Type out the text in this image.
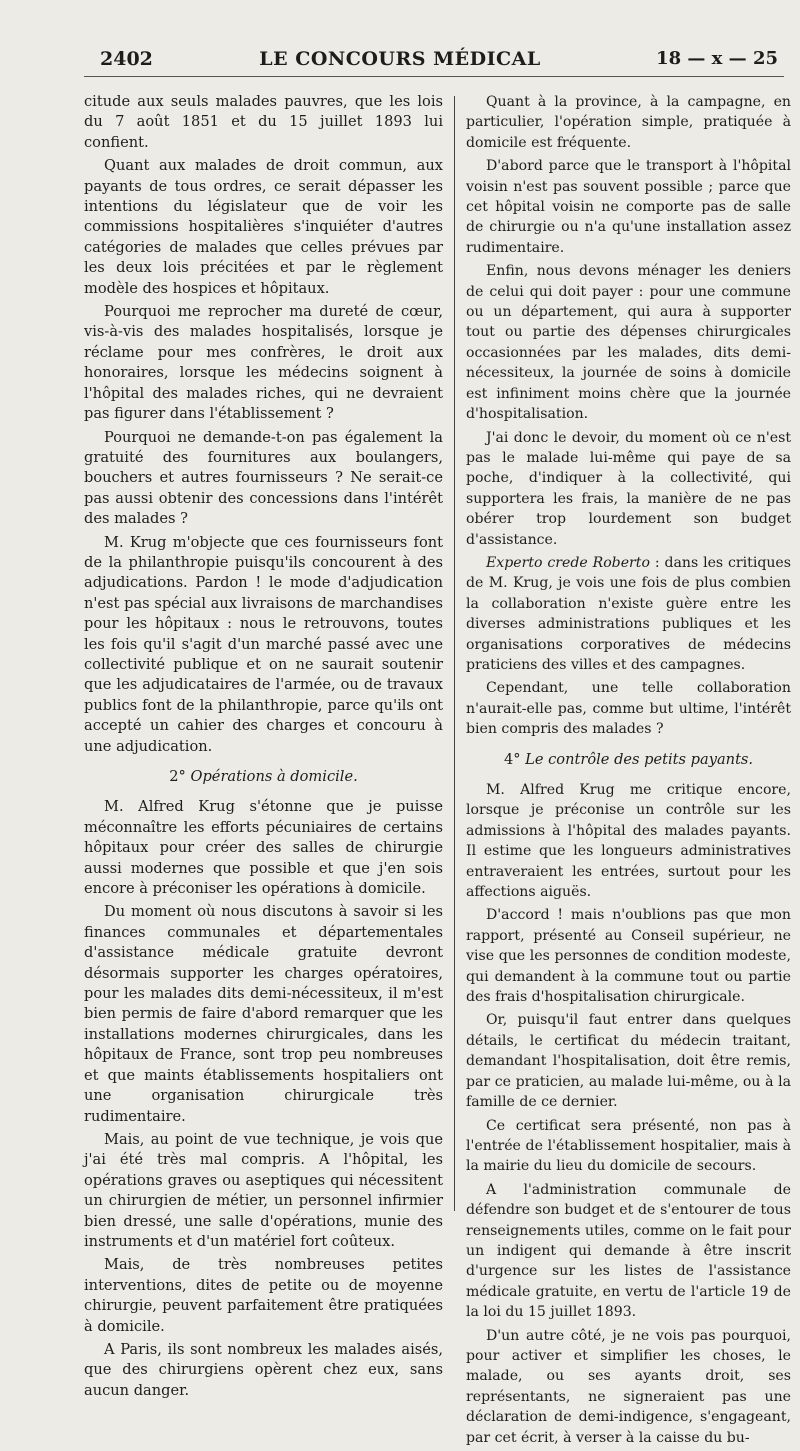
2402	LE CONCOURS MÉDICAL	18 — x — 25

citude aux seuls malades pauvres, que les lois du 7 août 1851 et du 15 juillet 1893 lui confient.

Quant aux malades de droit commun, aux payants de tous ordres, ce serait dépasser les intentions du législateur que de voir les commissions hospitalières s'inquiéter d'autres catégories de malades que celles prévues par les deux lois précitées et par le règlement modèle des hospices et hôpitaux.

Pourquoi me reprocher ma dureté de cœur, vis-à-vis des malades hospitalisés, lorsque je réclame pour mes confrères, le droit aux honoraires, lorsque les médecins soignent à l'hôpital des malades riches, qui ne devraient pas figurer dans l'établissement ?

Pourquoi ne demande-t-on pas également la gratuité des fournitures aux boulangers, bouchers et autres fournisseurs ? Ne serait-ce pas aussi obtenir des concessions dans l'intérêt des malades ?

M. Krug m'objecte que ces fournisseurs font de la philanthropie puisqu'ils concourent à des adjudications. Pardon ! le mode d'adjudication n'est pas spécial aux livraisons de marchandises pour les hôpitaux : nous le retrouvons, toutes les fois qu'il s'agit d'un marché passé avec une collectivité publique et on ne saurait soutenir que les adjudicataires de l'armée, ou de travaux publics font de la philanthropie, parce qu'ils ont accepté un cahier des charges et concouru à une adjudication.

2° Opérations à domicile.

M. Alfred Krug s'étonne que je puisse méconnaître les efforts pécuniaires de certains hôpitaux pour créer des salles de chirurgie aussi modernes que possible et que j'en sois encore à préconiser les opérations à domicile.

Du moment où nous discutons à savoir si les finances communales et départementales d'assistance médicale gratuite devront désormais supporter les charges opératoires, pour les malades dits demi-nécessiteux, il m'est bien permis de faire d'abord remarquer que les installations modernes chirurgicales, dans les hôpitaux de France, sont trop peu nombreuses et que maints établissements hospitaliers ont une organisation chirurgicale très rudimentaire.

Mais, au point de vue technique, je vois que j'ai été très mal compris. A l'hôpital, les opérations graves ou aseptiques qui nécessitent un chirurgien de métier, un personnel infirmier bien dressé, une salle d'opérations, munie des instruments et d'un matériel fort coûteux.

Mais, de très nombreuses petites interventions, dites de petite ou de moyenne chirurgie, peuvent parfaitement être pratiquées à domicile.

A Paris, ils sont nombreux les malades aisés, que des chirurgiens opèrent chez eux, sans aucun danger.

Quant à la province, à la campagne, en particulier, l'opération simple, pratiquée à domicile est fréquente.

D'abord parce que le transport à l'hôpital voisin n'est pas souvent possible ; parce que cet hôpital voisin ne comporte pas de salle de chirurgie ou n'a qu'une installation assez rudimentaire.

Enfin, nous devons ménager les deniers de celui qui doit payer : pour une commune ou un département, qui aura à supporter tout ou partie des dépenses chirurgicales occasionnées par les malades, dits demi-nécessiteux, la journée de soins à domicile est infiniment moins chère que la journée d'hospitalisation.

J'ai donc le devoir, du moment où ce n'est pas le malade lui-même qui paye de sa poche, d'indiquer à la collectivité, qui supportera les frais, la manière de ne pas obérer trop lourdement son budget d'assistance.

Experto crede Roberto : dans les critiques de M. Krug, je vois une fois de plus combien la collaboration n'existe guère entre les diverses administrations publiques et les organisations corporatives de médecins praticiens des villes et des campagnes.

Cependant, une telle collaboration n'aurait-elle pas, comme but ultime, l'intérêt bien compris des malades ?

4° Le contrôle des petits payants.

M. Alfred Krug me critique encore, lorsque je préconise un contrôle sur les admissions à l'hôpital des malades payants. Il estime que les longueurs administratives entraveraient les entrées, surtout pour les affections aiguës.

D'accord ! mais n'oublions pas que mon rapport, présenté au Conseil supérieur, ne vise que les personnes de condition modeste, qui demandent à la commune tout ou partie des frais d'hospitalisation chirurgicale.

Or, puisqu'il faut entrer dans quelques détails, le certificat du médecin traitant, demandant l'hospitalisation, doit être remis, par ce praticien, au malade lui-même, ou à la famille de ce dernier.

Ce certificat sera présenté, non pas à l'entrée de l'établissement hospitalier, mais à la mairie du lieu du domicile de secours.

A l'administration communale de défendre son budget et de s'entourer de tous renseignements utiles, comme on le fait pour un indigent qui demande à être inscrit d'urgence sur les listes de l'assistance médicale gratuite, en vertu de l'article 19 de la loi du 15 juillet 1893.

D'un autre côté, je ne vois pas pourquoi, pour activer et simplifier les choses, le malade, ou ses ayants droit, ses représentants, ne signeraient pas une déclaration de demi-indigence, s'engageant, par cet écrit, à verser à la caisse du bu-
